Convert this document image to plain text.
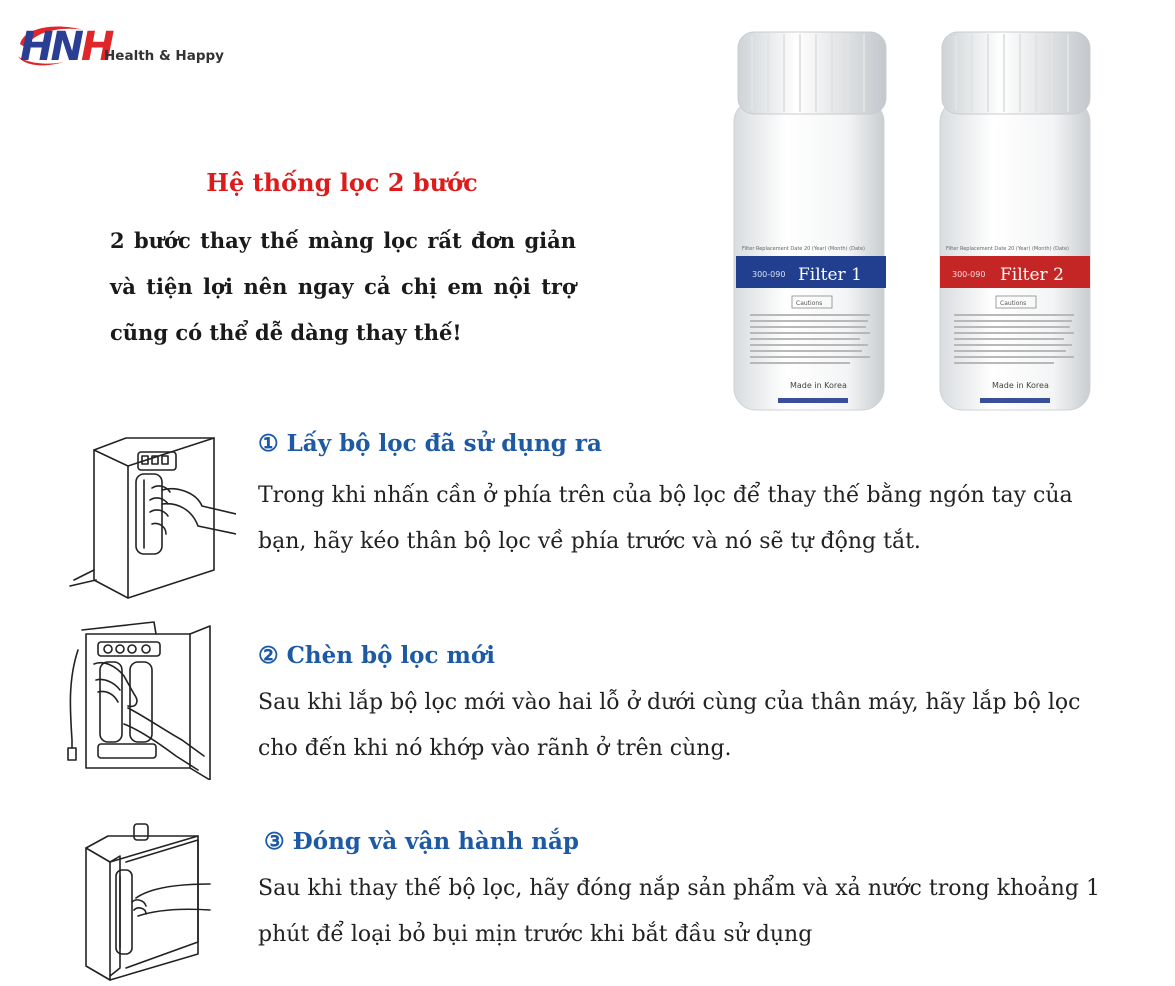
HNH
Health & Happy
Hệ thống lọc 2 bước
2 bước thay thế màng lọc rất đơn giản và tiện lợi nên ngay cả chị em nội trợ cũng có thể dễ dàng thay thế!
300-090 Filter 1
Filter Replacement Date 20 (Year) (Month) (Date)
Cautions
Made in Korea
300-090 Filter 2
Filter Replacement Date 20 (Year) (Month) (Date)
Cautions
Made in Korea
① Lấy bộ lọc đã sử dụng ra
Trong khi nhấn cần ở phía trên của bộ lọc để thay thế bằng ngón tay của bạn, hãy kéo thân bộ lọc về phía trước và nó sẽ tự động tắt.
② Chèn bộ lọc mới
Sau khi lắp bộ lọc mới vào hai lỗ ở dưới cùng của thân máy, hãy lắp bộ lọc cho đến khi nó khớp vào rãnh ở trên cùng.
③ Đóng và vận hành nắp
Sau khi thay thế bộ lọc, hãy đóng nắp sản phẩm và xả nước trong khoảng 1 phút để loại bỏ bụi mịn trước khi bắt đầu sử dụng
